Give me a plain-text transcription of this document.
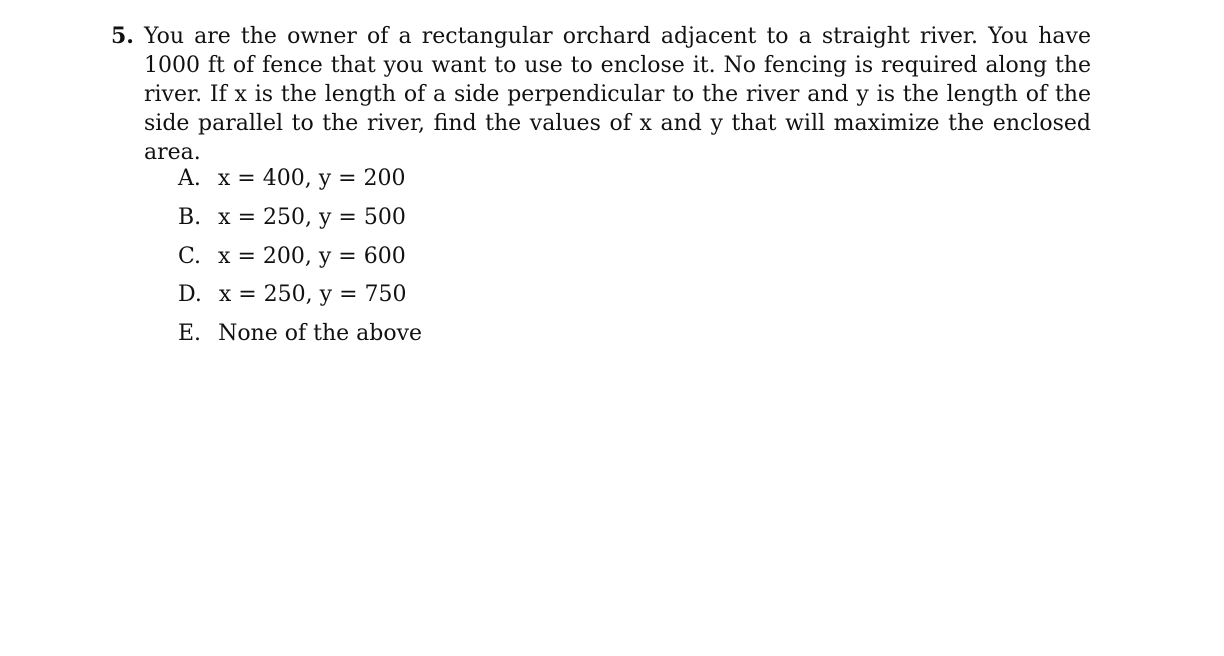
5. You are the owner of a rectangular orchard adjacent to a straight river. You have 1000 ft of fence that you want to use to enclose it. No fencing is required along the river. If x is the length of a side perpendicular to the river and y is the length of the side parallel to the river, find the values of x and y that will maximize the enclosed area.
A. x = 400, y = 200
B. x = 250, y = 500
C. x = 200, y = 600
D. x = 250, y = 750
E. None of the above
